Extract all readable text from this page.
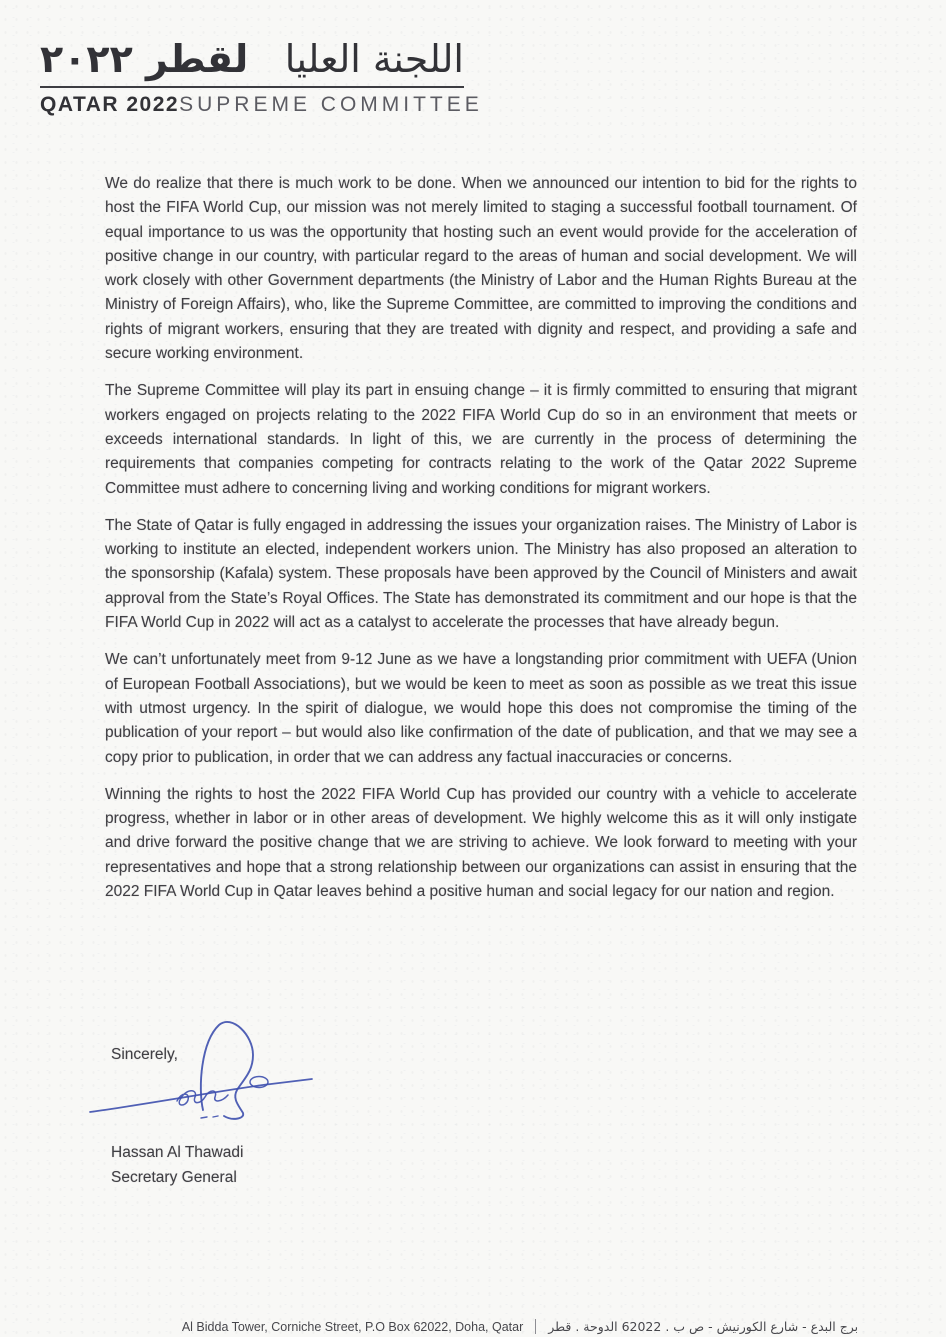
اللجنة العليا
لقطر ٢٠٢٢
QATAR 2022 SUPREME COMMITTEE

We do realize that there is much work to be done. When we announced our intention to bid for the rights to host the FIFA World Cup, our mission was not merely limited to staging a successful football tournament. Of equal importance to us was the opportunity that hosting such an event would provide for the acceleration of positive change in our country, with particular regard to the areas of human and social development. We will work closely with other Government departments (the Ministry of Labor and the Human Rights Bureau at the Ministry of Foreign Affairs), who, like the Supreme Committee, are committed to improving the conditions and rights of migrant workers, ensuring that they are treated with dignity and respect, and providing a safe and secure working environment.

The Supreme Committee will play its part in ensuing change – it is firmly committed to ensuring that migrant workers engaged on projects relating to the 2022 FIFA World Cup do so in an environment that meets or exceeds international standards. In light of this, we are currently in the process of determining the requirements that companies competing for contracts relating to the work of the Qatar 2022 Supreme Committee must adhere to concerning living and working conditions for migrant workers.

The State of Qatar is fully engaged in addressing the issues your organization raises. The Ministry of Labor is working to institute an elected, independent workers union. The Ministry has also proposed an alteration to the sponsorship (Kafala) system. These proposals have been approved by the Council of Ministers and await approval from the State’s Royal Offices. The State has demonstrated its commitment and our hope is that the FIFA World Cup in 2022 will act as a catalyst to accelerate the processes that have already begun.

We can’t unfortunately meet from 9-12 June as we have a longstanding prior commitment with UEFA (Union of European Football Associations), but we would be keen to meet as soon as possible as we treat this issue with utmost urgency. In the spirit of dialogue, we would hope this does not compromise the timing of the publication of your report – but would also like confirmation of the date of publication, and that we may see a copy prior to publication, in order that we can address any factual inaccuracies or concerns.

Winning the rights to host the 2022 FIFA World Cup has provided our country with a vehicle to accelerate progress, whether in labor or in other areas of development. We highly welcome this as it will only instigate and drive forward the positive change that we are striving to achieve. We look forward to meeting with your representatives and hope that a strong relationship between our organizations can assist in ensuring that the 2022 FIFA World Cup in Qatar leaves behind a positive human and social legacy for our nation and region.

Sincerely,

Hassan Al Thawadi
Secretary General
Al Bidda Tower, Corniche Street, P.O Box 62022, Doha, Qatar برج البدع - شارع الكورنيش - ص ب . 62022 الدوحة . قطر
